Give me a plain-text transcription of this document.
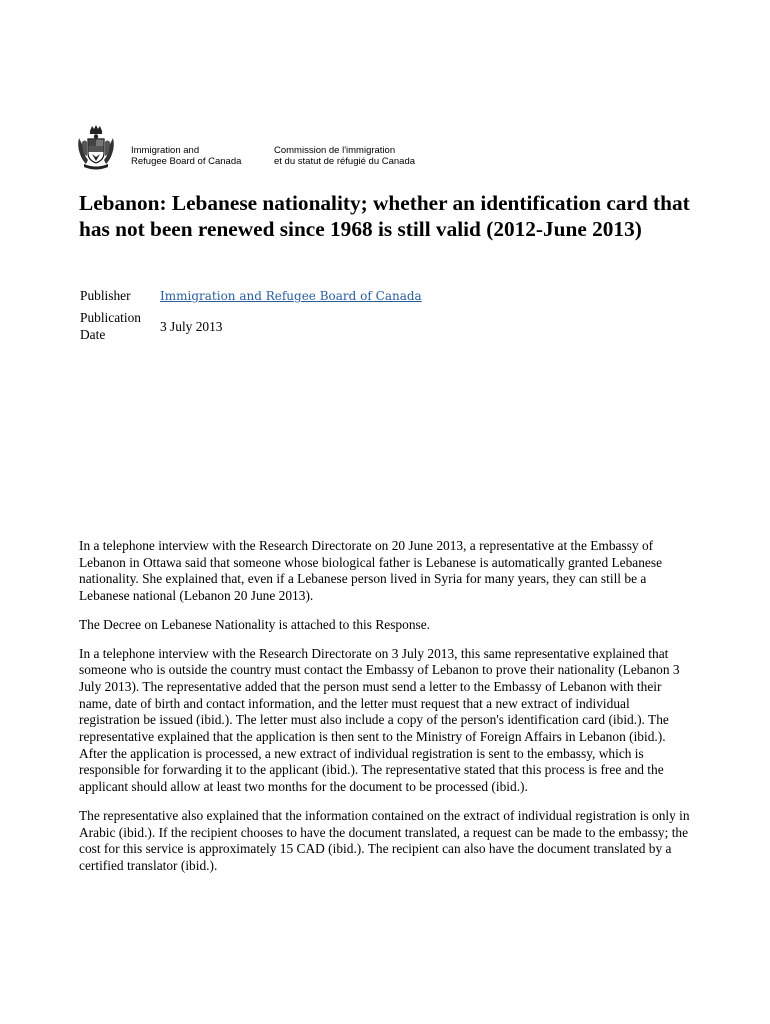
Immigration and
Refugee Board of Canada
Commission de l'immigration
et du statut de réfugié du Canada
Lebanon: Lebanese nationality; whether an identification card that has not been renewed since 1968 is still valid (2012-June 2013)
Publisher	Immigration and Refugee Board of Canada
Publication
Date	3 July 2013

In a telephone interview with the Research Directorate on 20 June 2013, a representative at the Embassy of Lebanon in Ottawa said that someone whose biological father is Lebanese is automatically granted Lebanese nationality. She explained that, even if a Lebanese person lived in Syria for many years, they can still be a Lebanese national (Lebanon 20 June 2013).

The Decree on Lebanese Nationality is attached to this Response.

In a telephone interview with the Research Directorate on 3 July 2013, this same representative explained that someone who is outside the country must contact the Embassy of Lebanon to prove their nationality (Lebanon 3 July 2013). The representative added that the person must send a letter to the Embassy of Lebanon with their name, date of birth and contact information, and the letter must request that a new extract of individual registration be issued (ibid.). The letter must also include a copy of the person's identification card (ibid.). The representative explained that the application is then sent to the Ministry of Foreign Affairs in Lebanon (ibid.). After the application is processed, a new extract of individual registration is sent to the embassy, which is responsible for forwarding it to the applicant (ibid.). The representative stated that this process is free and the applicant should allow at least two months for the document to be processed (ibid.).

The representative also explained that the information contained on the extract of individual registration is only in Arabic (ibid.). If the recipient chooses to have the document translated, a request can be made to the embassy; the cost for this service is approximately 15 CAD (ibid.). The recipient can also have the document translated by a certified translator (ibid.).
